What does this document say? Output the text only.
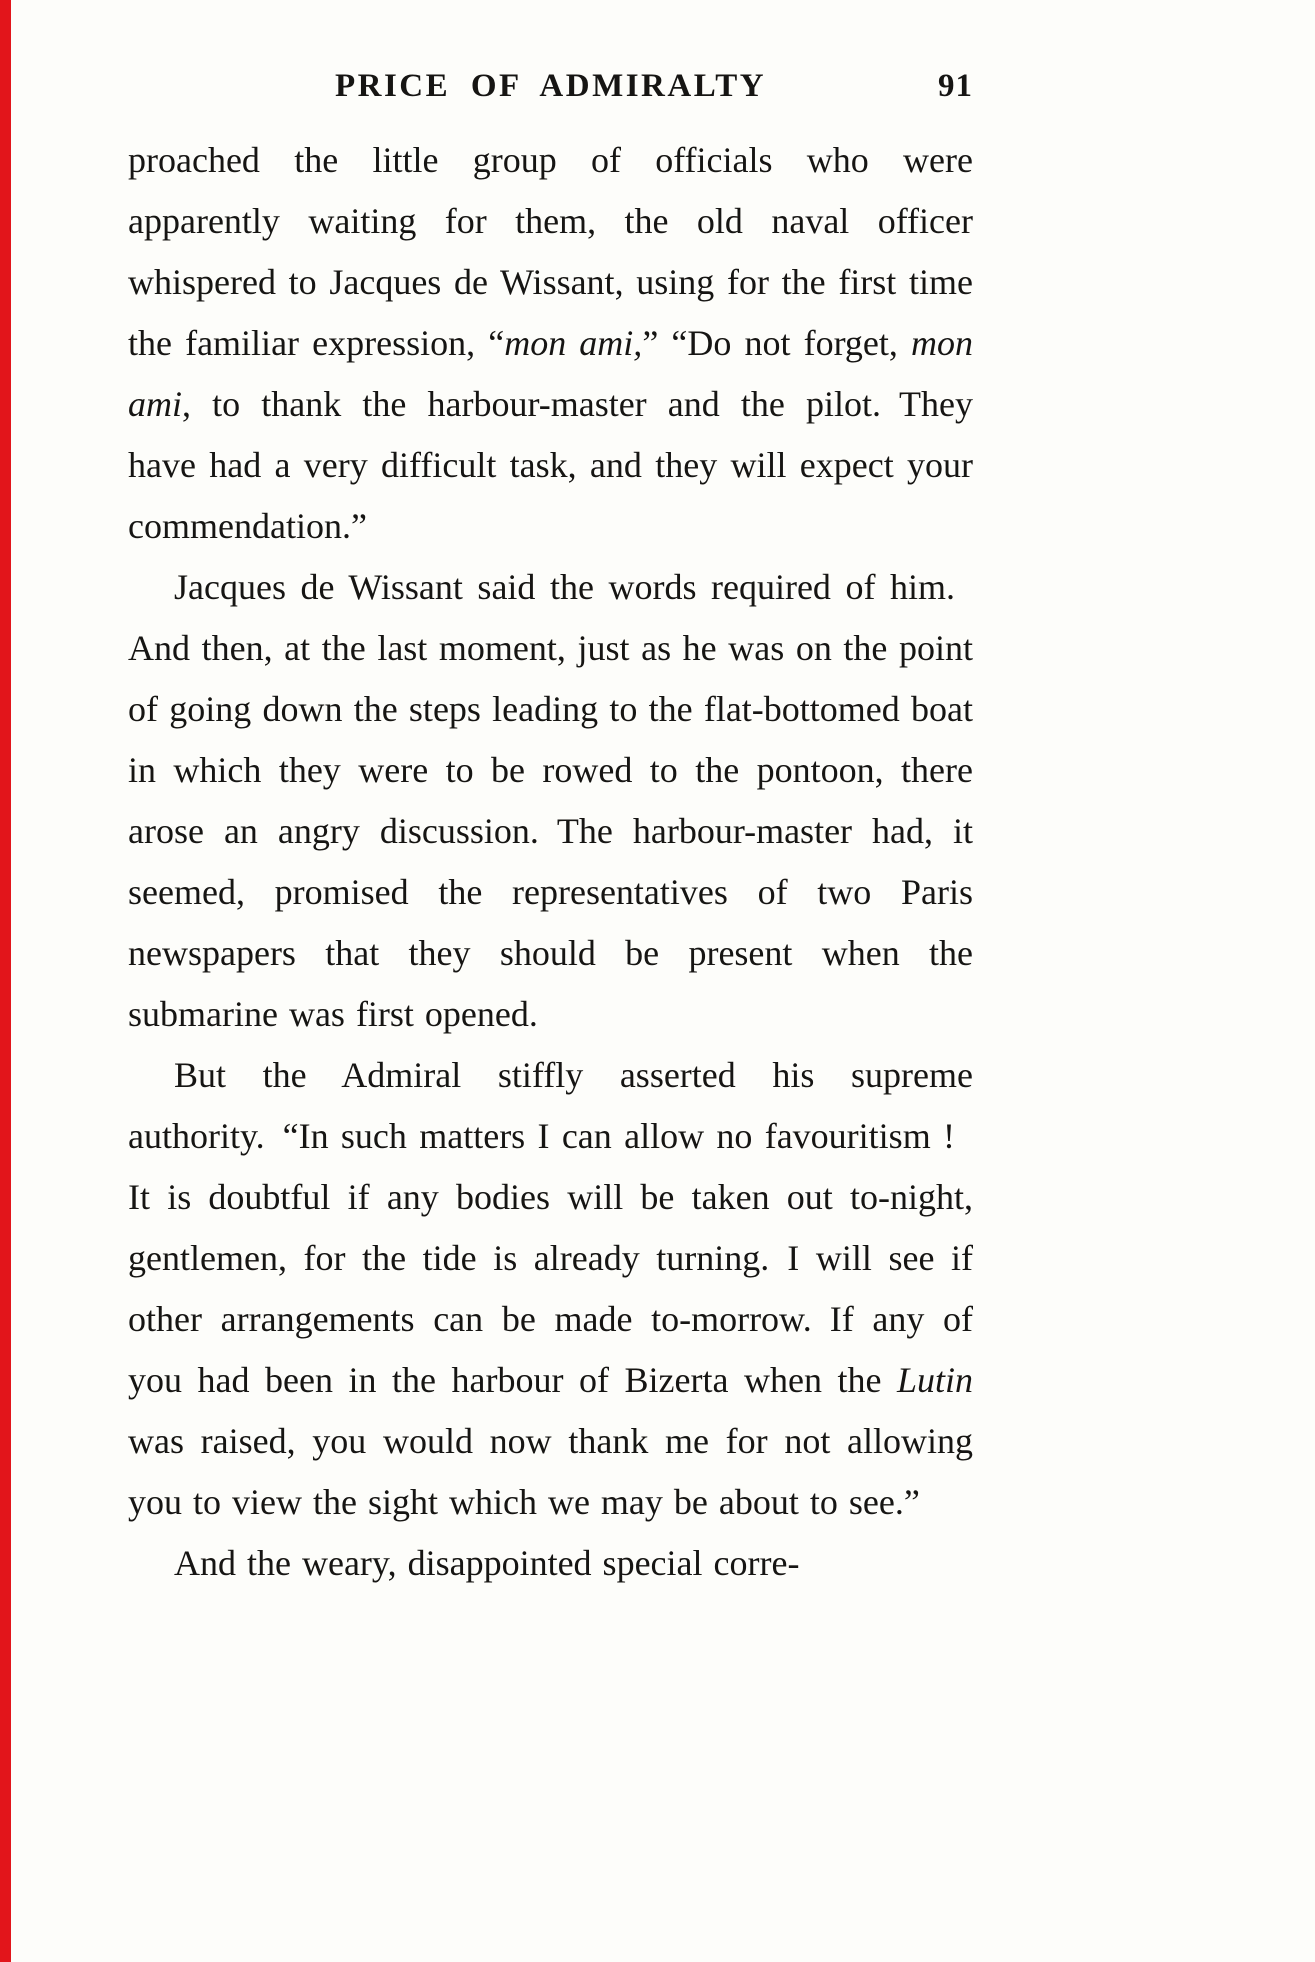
PRICE OF ADMIRALTY	91

proached the little group of officials who were apparently waiting for them, the old naval officer whispered to Jacques de Wissant, using for the first time the familiar expression, “mon ami,” “Do not forget, mon ami, to thank the harbour-master and the pilot. They have had a very difficult task, and they will expect your commendation.”

Jacques de Wissant said the words required of him. And then, at the last moment, just as he was on the point of going down the steps leading to the flat-bottomed boat in which they were to be rowed to the pontoon, there arose an angry discussion. The harbour-master had, it seemed, promised the representatives of two Paris newspapers that they should be present when the submarine was first opened.

But the Admiral stiffly asserted his supreme authority. “In such matters I can allow no favouritism ! It is doubtful if any bodies will be taken out to-night, gentlemen, for the tide is already turning. I will see if other arrangements can be made to-morrow. If any of you had been in the harbour of Bizerta when the Lutin was raised, you would now thank me for not allowing you to view the sight which we may be about to see.”

And the weary, disappointed special corre-
